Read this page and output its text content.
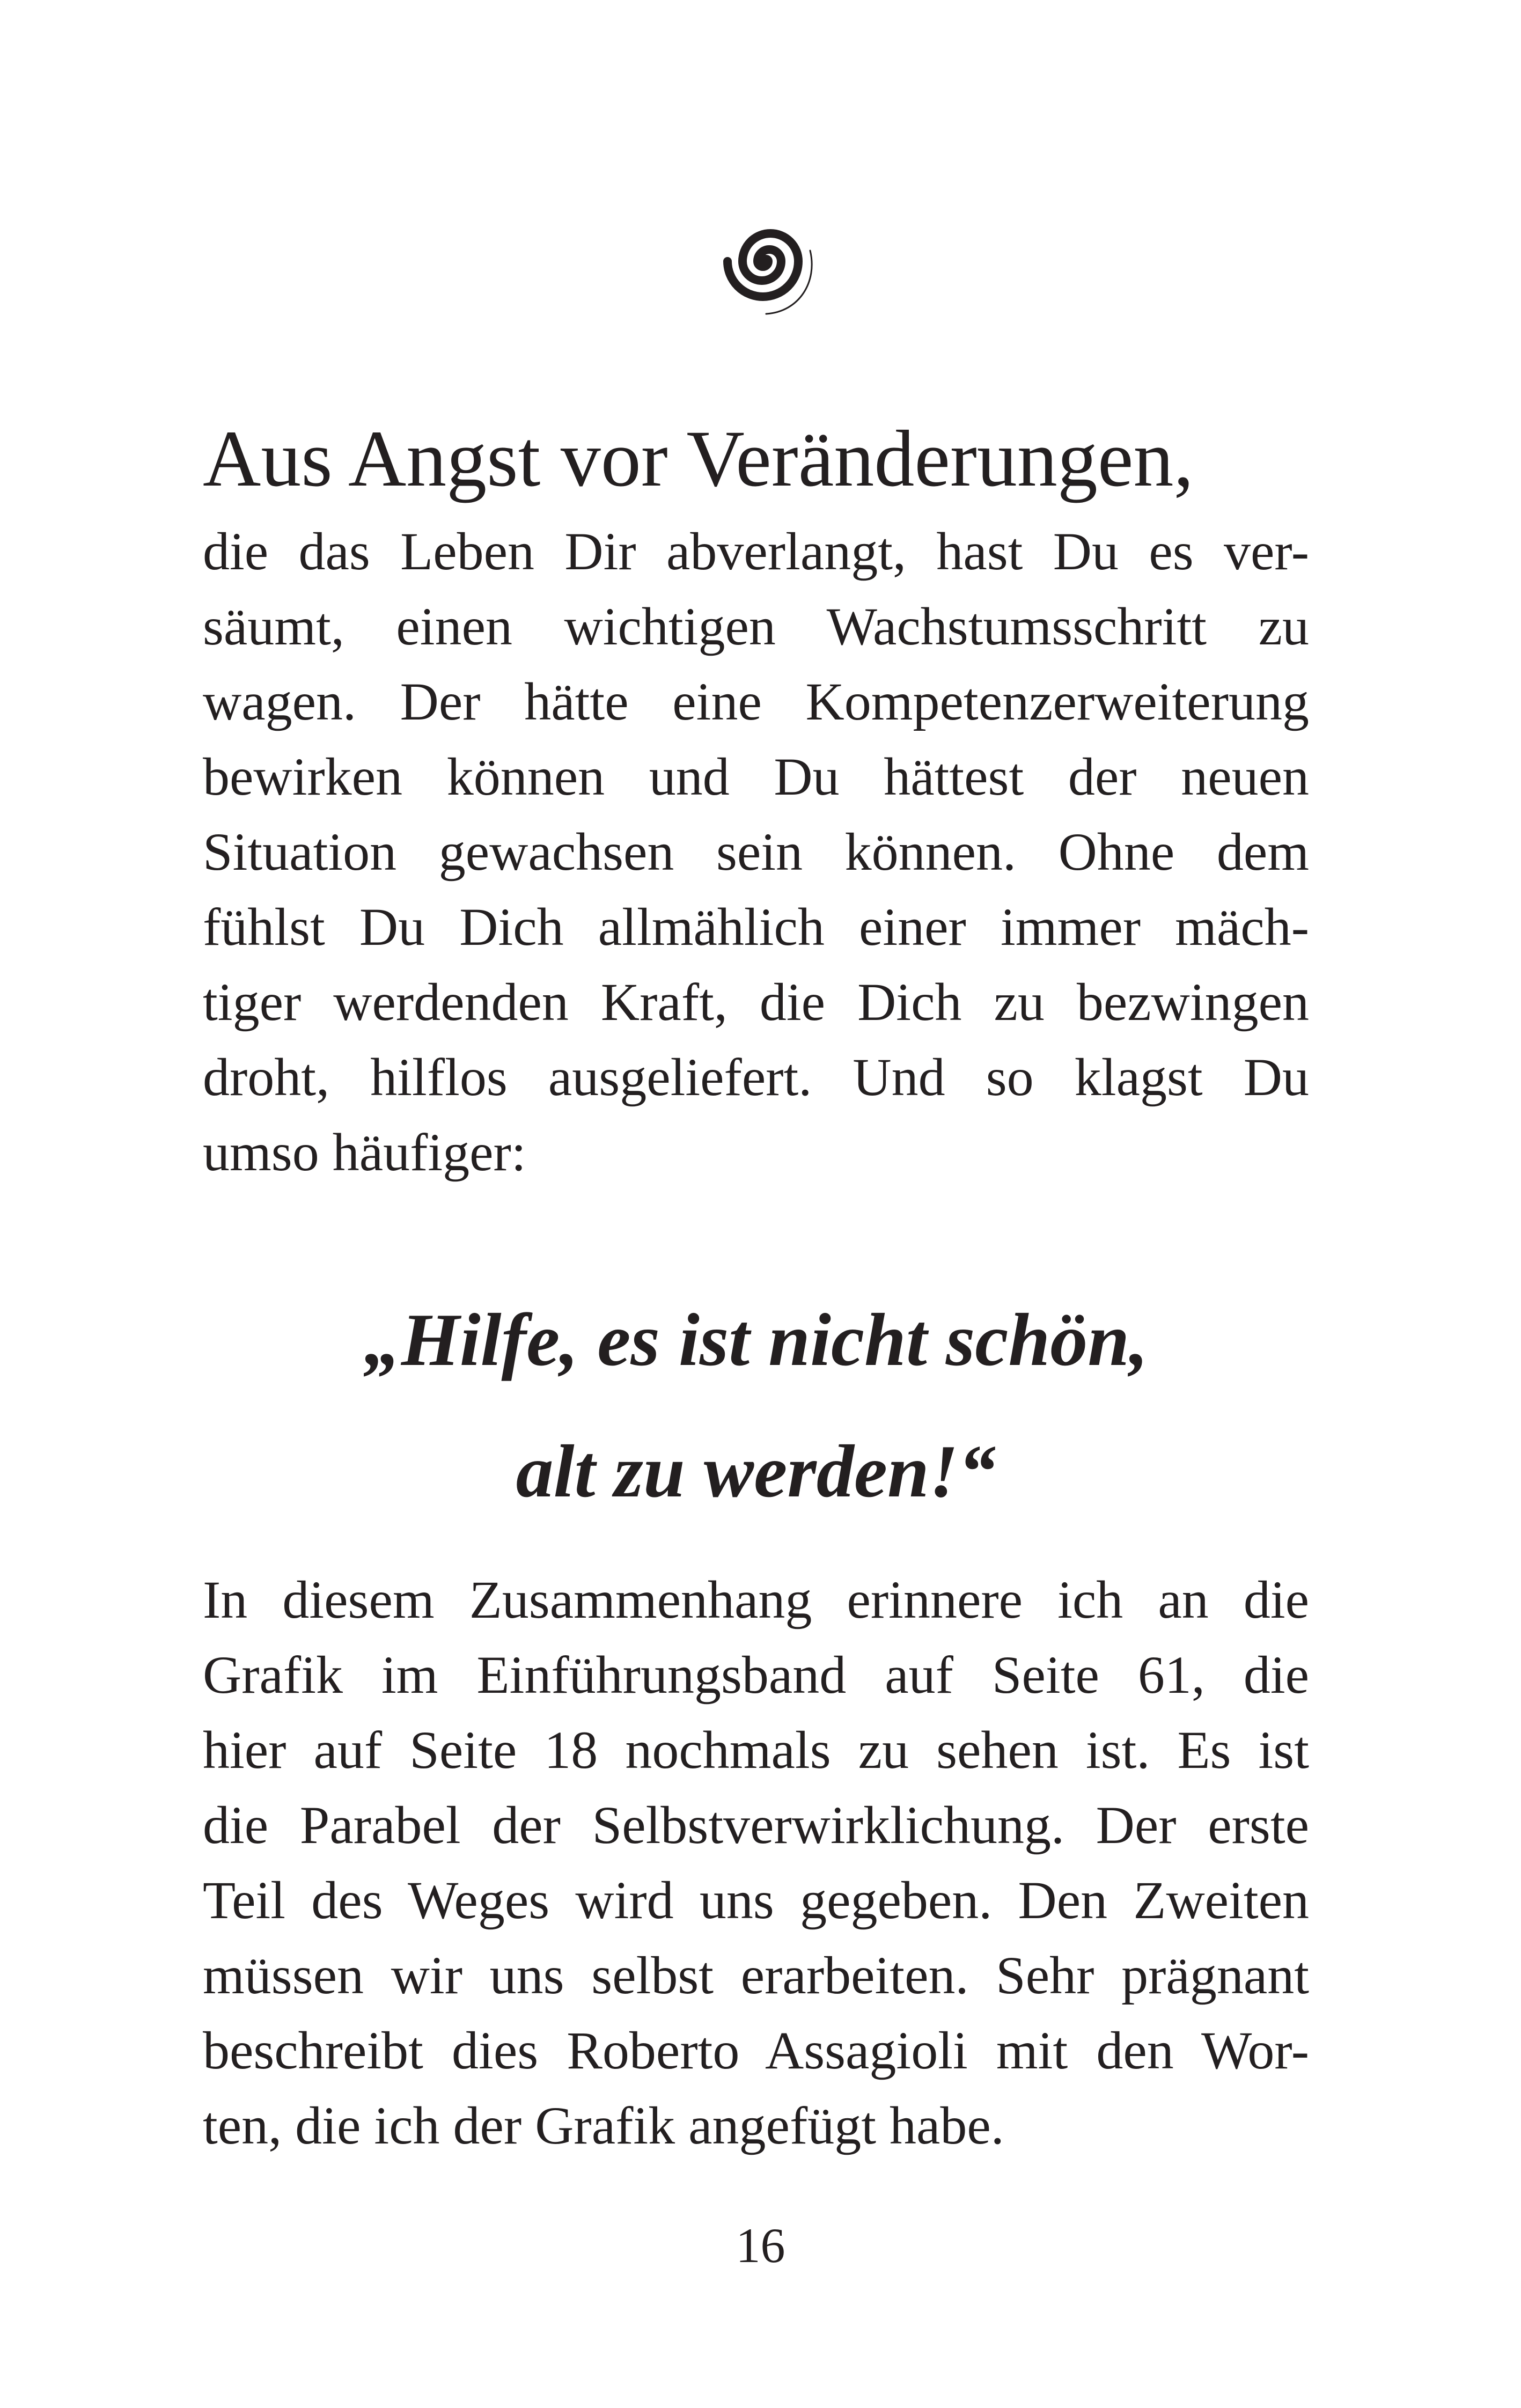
Aus Angst vor Veränderungen,
die das Leben Dir abverlangt, hast Du es ver-
säumt, einen wichtigen Wachstumsschritt zu
wagen. Der hätte eine Kompetenzerweiterung
bewirken können und Du hättest der neuen
Situation gewachsen sein können. Ohne dem
fühlst Du Dich allmählich einer immer mäch-
tiger werdenden Kraft, die Dich zu bezwingen
droht, hilflos ausgeliefert. Und so klagst Du
umso häufiger:
„Hilfe, es ist nicht schön,
alt zu werden!“
In diesem Zusammenhang erinnere ich an die
Grafik im Einführungsband auf Seite 61, die
hier auf Seite 18 nochmals zu sehen ist. Es ist
die Parabel der Selbstverwirklichung. Der erste
Teil des Weges wird uns gegeben. Den Zweiten
müssen wir uns selbst erarbeiten. Sehr prägnant
beschreibt dies Roberto Assagioli mit den Wor-
ten, die ich der Grafik angefügt habe.
16
